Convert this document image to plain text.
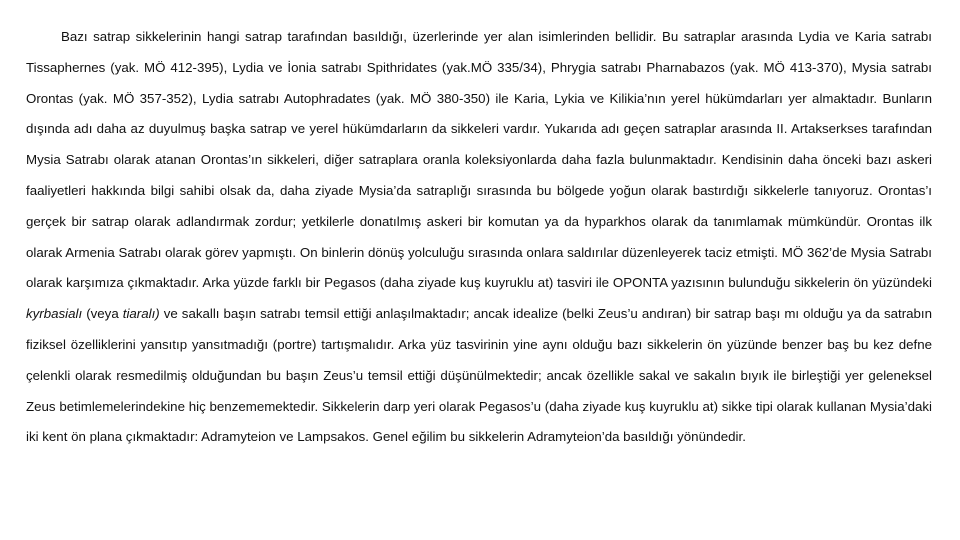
Bazı satrap sikkelerinin hangi satrap tarafından basıldığı, üzerlerinde yer alan isimlerinden bellidir. Bu satraplar arasında Lydia ve Karia satrabı Tissaphernes (yak. MÖ 412-395), Lydia ve İonia satrabı Spithridates (yak.MÖ 335/34), Phrygia satrabı Pharnabazos (yak. MÖ 413-370), Mysia satrabı Orontas (yak. MÖ 357-352), Lydia satrabı Autophradates (yak. MÖ 380-350) ile Karia, Lykia ve Kilikia’nın yerel hükümdarları yer almaktadır. Bunların dışında adı daha az duyulmuş başka satrap ve yerel hükümdarların da sikkeleri vardır. Yukarıda adı geçen satraplar arasında II. Artakserkses tarafından Mysia Satrabı olarak atanan Orontas’ın sikkeleri, diğer satraplara oranla koleksiyonlarda daha fazla bulunmaktadır. Kendisinin daha önceki bazı askeri faaliyetleri hakkında bilgi sahibi olsak da, daha ziyade Mysia’da satraplığı sırasında bu bölgede yoğun olarak bastırdığı sikkelerle tanıyoruz. Orontas’ı gerçek bir satrap olarak adlandırmak zordur; yetkilerle donatılmış askeri bir komutan ya da hyparkhos olarak da tanımlamak mümkündür. Orontas ilk olarak Armenia Satrabı olarak görev yapmıştı. On binlerin dönüş yolculuğu sırasında onlara saldırılar düzenleyerek taciz etmişti. MÖ 362’de Mysia Satrabı olarak karşımıza çıkmaktadır. Arka yüzde farklı bir Pegasos (daha ziyade kuş kuyruklu at) tasviri ile OPONTA yazısının bulunduğu sikkelerin ön yüzündeki kyrbasialı (veya tiaralı) ve sakallı başın satrabı temsil ettiği anlaşılmaktadır; ancak idealize (belki Zeus’u andıran) bir satrap başı mı olduğu ya da satrabın fiziksel özelliklerini yansıtıp yansıtmadığı (portre) tartışmalıdır. Arka yüz tasvirinin yine aynı olduğu bazı sikkelerin ön yüzünde benzer baş bu kez defne çelenkli olarak resmedilmiş olduğundan bu başın Zeus’u temsil ettiği düşünülmektedir; ancak özellikle sakal ve sakalın bıyık ile birleştiği yer geleneksel Zeus betimlemelerindekine hiç benzememektedir. Sikkelerin darp yeri olarak Pegasos’u (daha ziyade kuş kuyruklu at) sikke tipi olarak kullanan Mysia’daki iki kent ön plana çıkmaktadır: Adramyteion ve Lampsakos. Genel eğilim bu sikkelerin Adramyteion’da basıldığı yönündedir.
